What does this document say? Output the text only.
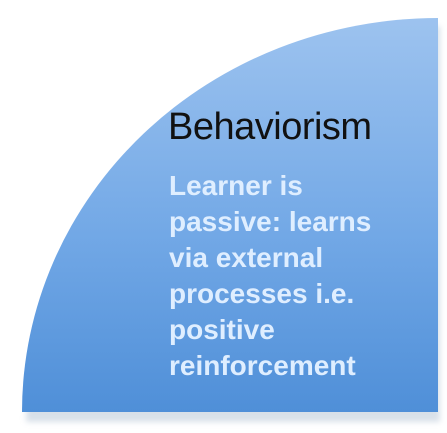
Behaviorism
Learner is
passive: learns
via external
processes i.e.
positive
reinforcement
